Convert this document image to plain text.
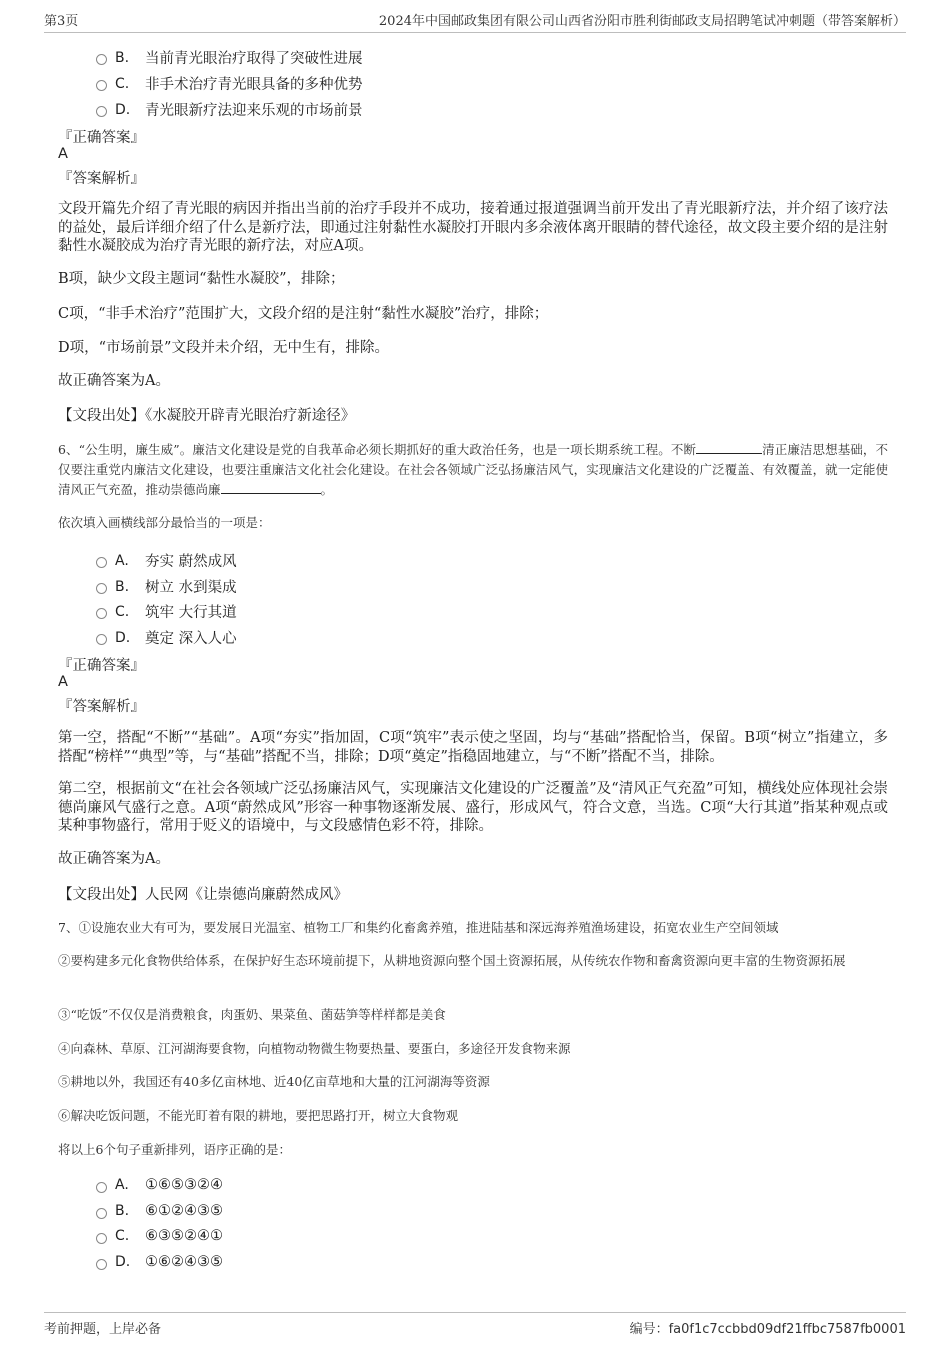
第3页	2024年中国邮政集团有限公司山西省汾阳市胜利街邮政支局招聘笔试冲刺题（带答案解析）
B.	当前青光眼治疗取得了突破性进展
C.	非手术治疗青光眼具备的多种优势
D.	青光眼新疗法迎来乐观的市场前景
『正确答案』
A
『答案解析』
文段开篇先介绍了青光眼的病因并指出当前的治疗手段并不成功，接着通过报道强调当前开发出了青光眼新疗法，并介绍了该疗法的益处，最后详细介绍了什么是新疗法，即通过注射黏性水凝胶打开眼内多余液体离开眼睛的替代途径，故文段主要介绍的是注射黏性水凝胶成为治疗青光眼的新疗法，对应A项。
B项，缺少文段主题词“黏性水凝胶”，排除；
C项，“非手术治疗”范围扩大，文段介绍的是注射“黏性水凝胶”治疗，排除；
D项，“市场前景”文段并未介绍，无中生有，排除。
故正确答案为A。
【文段出处】《水凝胶开辟青光眼治疗新途径》
6、“公生明，廉生威”。廉洁文化建设是党的自我革命必须长期抓好的重大政治任务，也是一项长期系统工程。不断	清正廉洁思想基础，不仅要注重党内廉洁文化建设，也要注重廉洁文化社会化建设。在社会各领域广泛弘扬廉洁风气，实现廉洁文化建设的广泛覆盖、有效覆盖，就一定能使清风正气充盈，推动崇德尚廉	。
依次填入画横线部分最恰当的一项是：
A.	夯实 蔚然成风
B.	树立 水到渠成
C.	筑牢 大行其道
D.	奠定 深入人心
『正确答案』
A
『答案解析』
第一空，搭配“不断”“基础”。A项“夯实”指加固，C项“筑牢”表示使之坚固，均与“基础”搭配恰当，保留。B项“树立”指建立，多搭配“榜样”“典型”等，与“基础”搭配不当，排除；D项“奠定”指稳固地建立，与“不断”搭配不当，排除。
第二空，根据前文“在社会各领域广泛弘扬廉洁风气，实现廉洁文化建设的广泛覆盖”及“清风正气充盈”可知，横线处应体现社会崇德尚廉风气盛行之意。A项“蔚然成风”形容一种事物逐渐发展、盛行，形成风气，符合文意，当选。C项“大行其道”指某种观点或某种事物盛行，常用于贬义的语境中，与文段感情色彩不符，排除。
故正确答案为A。
【文段出处】人民网《让崇德尚廉蔚然成风》
7、①设施农业大有可为，要发展日光温室、植物工厂和集约化畜禽养殖，推进陆基和深远海养殖渔场建设，拓宽农业生产空间领域
②要构建多元化食物供给体系，在保护好生态环境前提下，从耕地资源向整个国土资源拓展，从传统农作物和畜禽资源向更丰富的生物资源拓展
③“吃饭”不仅仅是消费粮食，肉蛋奶、果菜鱼、菌菇笋等样样都是美食
④向森林、草原、江河湖海要食物，向植物动物微生物要热量、要蛋白，多途径开发食物来源
⑤耕地以外，我国还有40多亿亩林地、近40亿亩草地和大量的江河湖海等资源
⑥解决吃饭问题，不能光盯着有限的耕地，要把思路打开，树立大食物观
将以上6个句子重新排列，语序正确的是：
A.	①⑥⑤③②④
B.	⑥①②④③⑤
C.	⑥③⑤②④①
D.	①⑥②④③⑤
考前押题，上岸必备	编号：fa0f1c7ccbbd09df21ffbc7587fb0001
